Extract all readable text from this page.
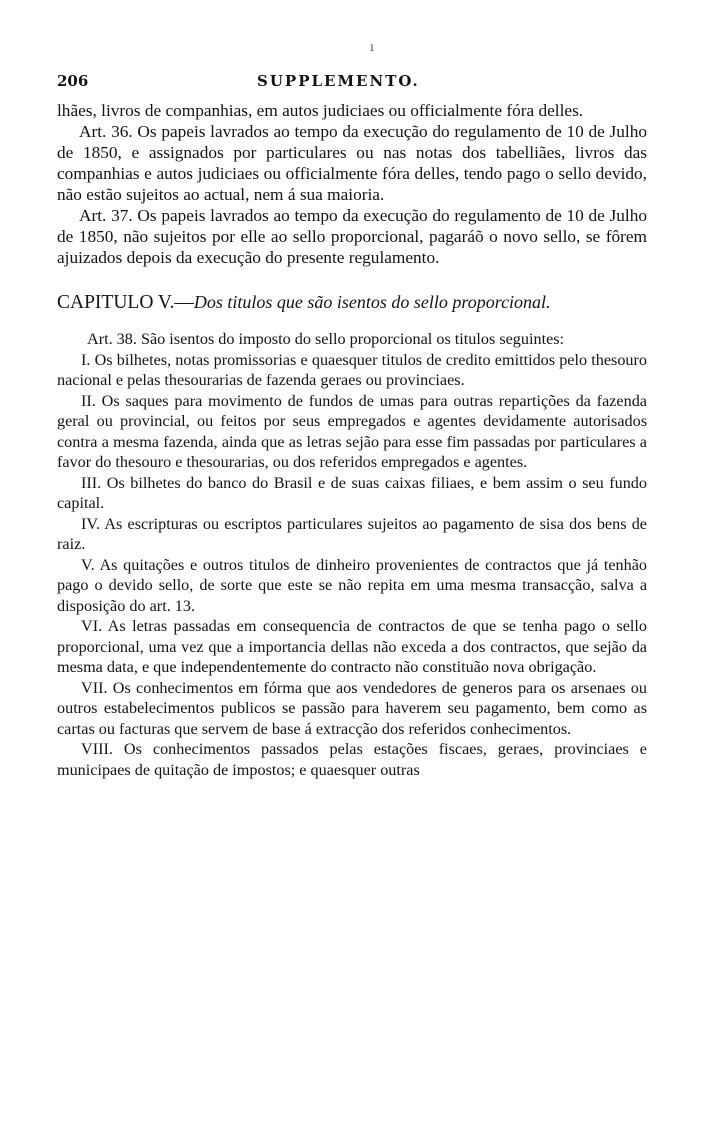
ı
206	SUPPLEMENTO.

lhães, livros de companhias, em autos judiciaes ou officialmente fóra delles.

Art. 36. Os papeis lavrados ao tempo da execução do regulamento de 10 de Julho de 1850, e assignados por particulares ou nas notas dos tabelliães, livros das companhias e autos judiciaes ou officialmente fóra delles, tendo pago o sello devido, não estão sujeitos ao actual, nem á sua maioria.

Art. 37. Os papeis lavrados ao tempo da execução do regulamento de 10 de Julho de 1850, não sujeitos por elle ao sello proporcional, pagaráõ o novo sello, se fôrem ajuizados depois da execução do presente regulamento.

CAPITULO V.—Dos titulos que são isentos do sello proporcional.

Art. 38. São isentos do imposto do sello proporcional os titulos seguintes:

I. Os bilhetes, notas promissorias e quaesquer titulos de credito emittidos pelo thesouro nacional e pelas thesourarias de fazenda geraes ou provinciaes.

II. Os saques para movimento de fundos de umas para outras repartições da fazenda geral ou provincial, ou feitos por seus empregados e agentes devidamente autorisados contra a mesma fazenda, ainda que as letras sejão para esse fim passadas por particulares a favor do thesouro e thesourarias, ou dos referidos empregados e agentes.

III. Os bilhetes do banco do Brasil e de suas caixas filiaes, e bem assim o seu fundo capital.

IV. As escripturas ou escriptos particulares sujeitos ao pagamento de sisa dos bens de raiz.

V. As quitações e outros titulos de dinheiro provenientes de contractos que já tenhão pago o devido sello, de sorte que este se não repita em uma mesma transacção, salva a disposição do art. 13.

VI. As letras passadas em consequencia de contractos de que se tenha pago o sello proporcional, uma vez que a importancia dellas não exceda a dos contractos, que sejão da mesma data, e que independentemente do contracto não constituão nova obrigação.

VII. Os conhecimentos em fórma que aos vendedores de generos para os arsenaes ou outros estabelecimentos publicos se passão para haverem seu pagamento, bem como as cartas ou facturas que servem de base á extracção dos referidos conhecimentos.

VIII. Os conhecimentos passados pelas estações fiscaes, geraes, provinciaes e municipaes de quitação de impostos; e quaesquer outras
